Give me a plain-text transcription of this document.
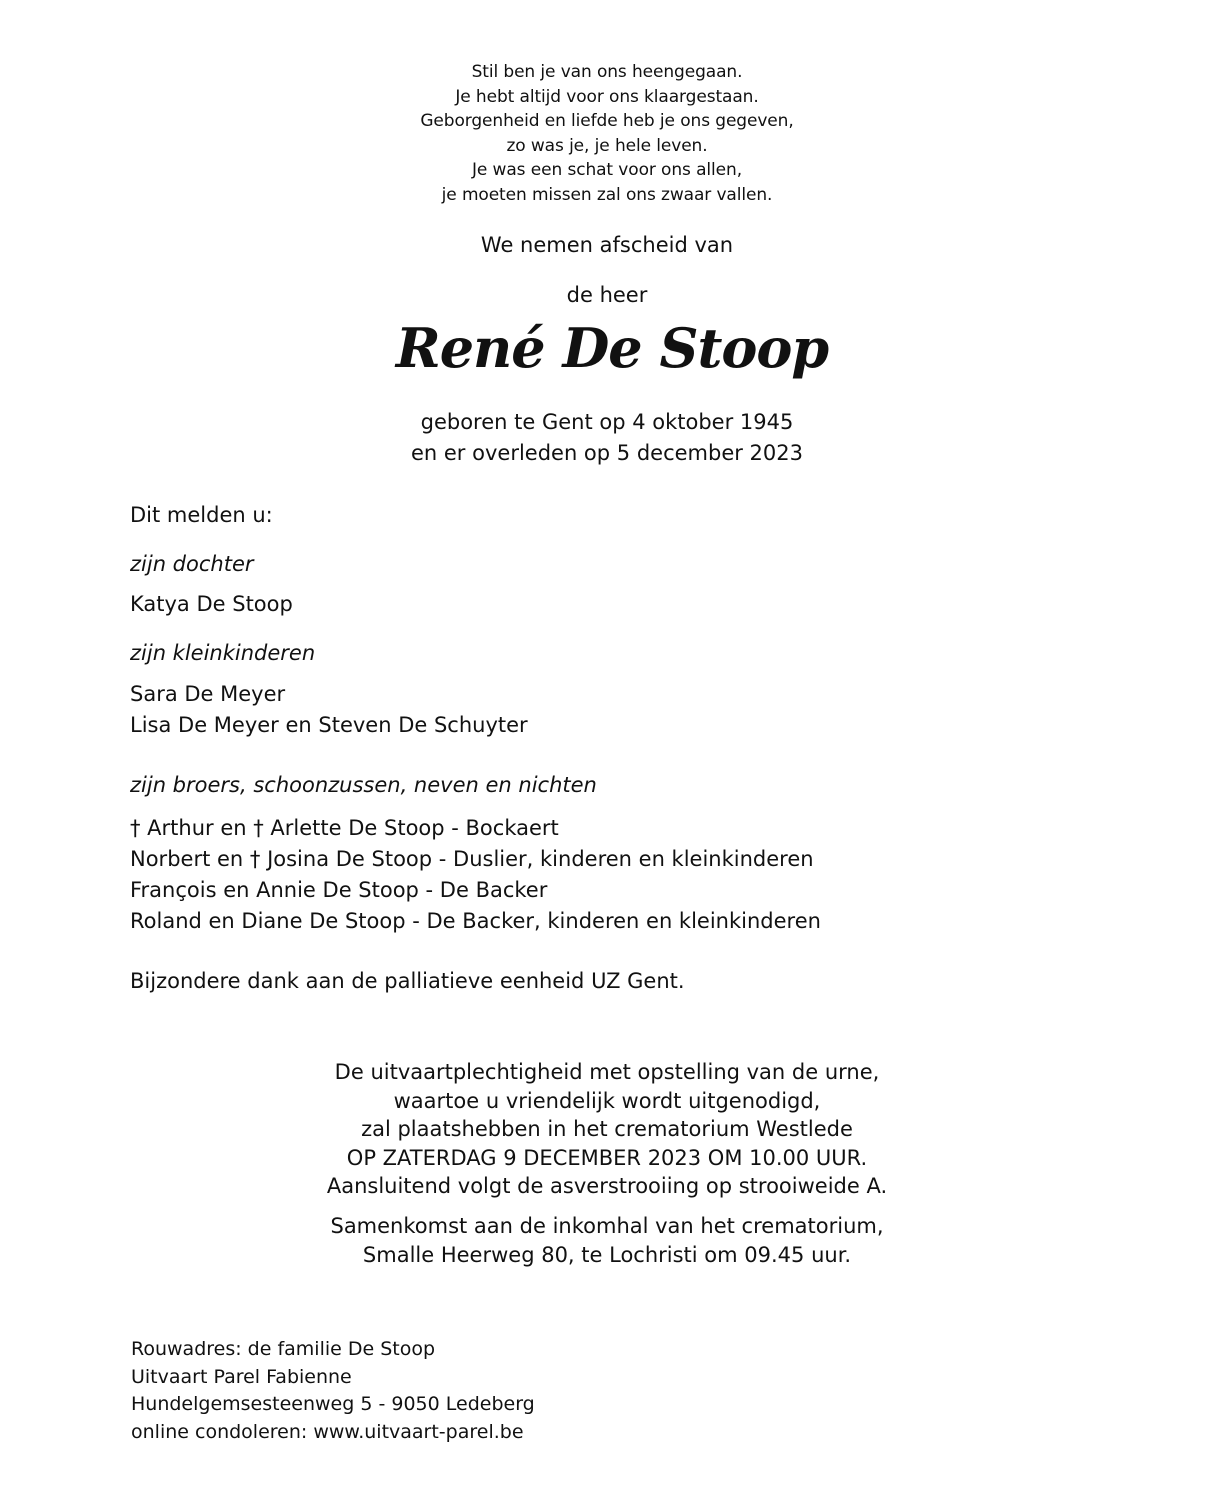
Stil ben je van ons heengegaan.
Je hebt altijd voor ons klaargestaan.
Geborgenheid en liefde heb je ons gegeven,
zo was je, je hele leven.
Je was een schat voor ons allen,
je moeten missen zal ons zwaar vallen.
We nemen afscheid van
de heer
René De Stoop
geboren te Gent op 4 oktober 1945
en er overleden op 5 december 2023
Dit melden u:
zijn dochter
Katya De Stoop
zijn kleinkinderen
Sara De Meyer
Lisa De Meyer en Steven De Schuyter
zijn broers, schoonzussen, neven en nichten
† Arthur en † Arlette De Stoop - Bockaert
Norbert en † Josina De Stoop - Duslier, kinderen en kleinkinderen
François en Annie De Stoop - De Backer
Roland en Diane De Stoop - De Backer, kinderen en kleinkinderen
Bijzondere dank aan de palliatieve eenheid UZ Gent.
De uitvaartplechtigheid met opstelling van de urne,
waartoe u vriendelijk wordt uitgenodigd,
zal plaatshebben in het crematorium Westlede
OP ZATERDAG 9 DECEMBER 2023 OM 10.00 UUR.
Aansluitend volgt de asverstrooiing op strooiweide A.
Samenkomst aan de inkomhal van het crematorium,
Smalle Heerweg 80, te Lochristi om 09.45 uur.
Rouwadres: de familie De Stoop
Uitvaart Parel Fabienne
Hundelgemsesteenweg 5 - 9050 Ledeberg
online condoleren: www.uitvaart-parel.be
